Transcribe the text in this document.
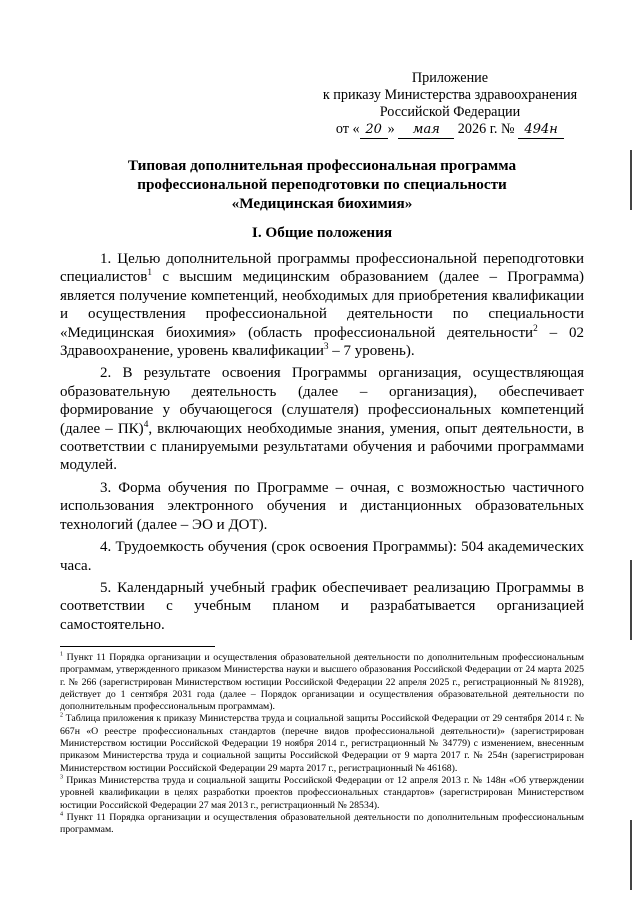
Приложение
к приказу Министерства здравоохранения
Российской Федерации
от « 20 » мая 2026 г. № 494н
Типовая дополнительная профессиональная программа
профессиональной переподготовки по специальности
«Медицинская биохимия»
I. Общие положения

1. Целью дополнительной программы профессиональной переподготовки специалистов$^1$ с высшим медицинским образованием (далее – Программа) является получение компетенций, необходимых для приобретения квалификации и осуществления профессиональной деятельности по специальности «Медицинская биохимия» (область профессиональной деятельности$^2$ – 02 Здравоохранение, уровень квалификации$^3$ – 7 уровень).

2. В результате освоения Программы организация, осуществляющая образовательную деятельность (далее – организация), обеспечивает формирование у обучающегося (слушателя) профессиональных компетенций (далее – ПК)$^4$, включающих необходимые знания, умения, опыт деятельности, в соответствии с планируемыми результатами обучения и рабочими программами модулей.

3. Форма обучения по Программе – очная, с возможностью частичного использования электронного обучения и дистанционных образовательных технологий (далее – ЭО и ДОТ).

4. Трудоемкость обучения (срок освоения Программы): 504 академических часа.

5. Календарный учебный график обеспечивает реализацию Программы в соответствии с учебным планом и разрабатывается организацией самостоятельно.

$^1$ Пункт 11 Порядка организации и осуществления образовательной деятельности по дополнительным профессиональным программам, утвержденного приказом Министерства науки и высшего образования Российской Федерации от 24 марта 2025 г. № 266 (зарегистрирован Министерством юстиции Российской Федерации 22 апреля 2025 г., регистрационный № 81928), действует до 1 сентября 2031 года (далее – Порядок организации и осуществления образовательной деятельности по дополнительным профессиональным программам).

$^2$ Таблица приложения к приказу Министерства труда и социальной защиты Российской Федерации от 29 сентября 2014 г. № 667н «О реестре профессиональных стандартов (перечне видов профессиональной деятельности)» (зарегистрирован Министерством юстиции Российской Федерации 19 ноября 2014 г., регистрационный № 34779) с изменением, внесенным приказом Министерства труда и социальной защиты Российской Федерации от 9 марта 2017 г. № 254н (зарегистрирован Министерством юстиции Российской Федерации 29 марта 2017 г., регистрационный № 46168).

$^3$ Приказ Министерства труда и социальной защиты Российской Федерации от 12 апреля 2013 г. № 148н «Об утверждении уровней квалификации в целях разработки проектов профессиональных стандартов» (зарегистрирован Министерством юстиции Российской Федерации 27 мая 2013 г., регистрационный № 28534).

$^4$ Пункт 11 Порядка организации и осуществления образовательной деятельности по дополнительным профессиональным программам.
